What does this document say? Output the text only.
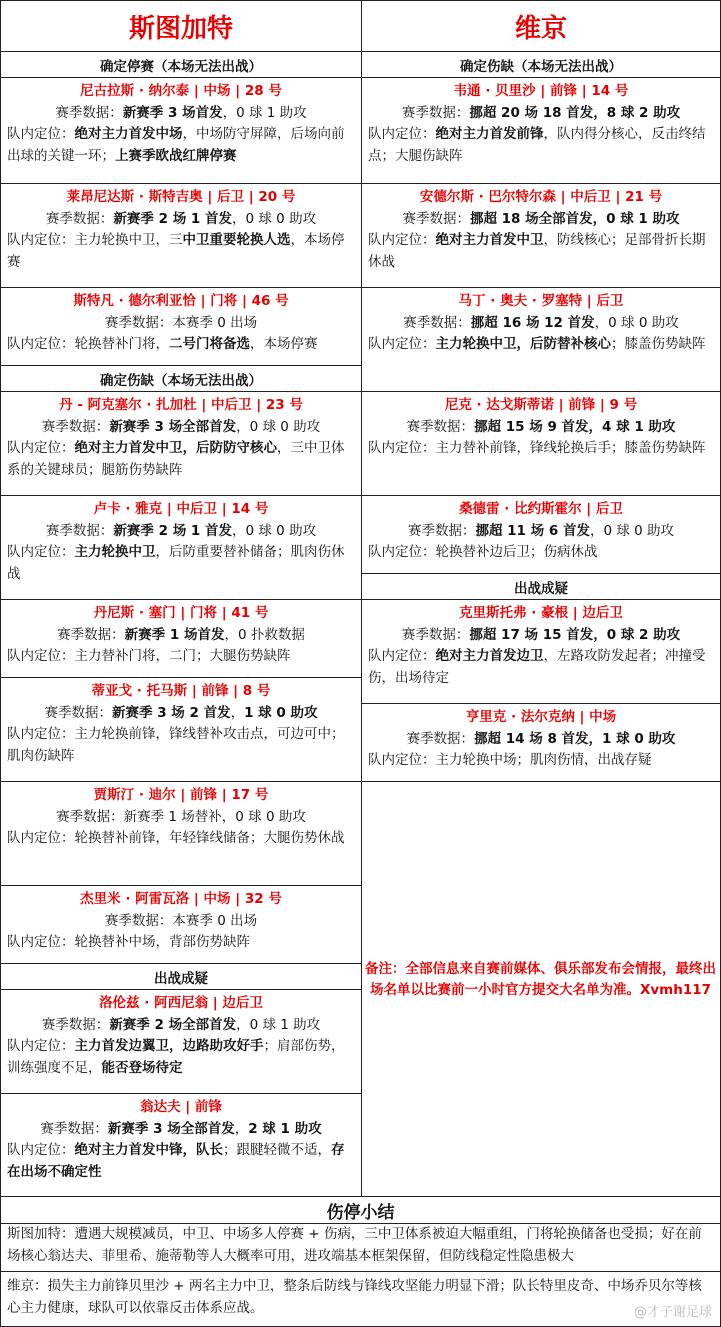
斯图加特	维京
确定停赛（本场无法出战）
尼古拉斯 · 纳尔泰 | 中场 | 28 号
赛季数据：新赛季 3 场首发，0 球 1 助攻
队内定位：绝对主力首发中场，中场防守屏障，后场向前出球的关键一环；上赛季欧战红牌停赛
莱昂尼达斯 · 斯特吉奥 | 后卫 | 20 号
赛季数据：新赛季 2 场 1 首发，0 球 0 助攻
队内定位：主力轮换中卫，三中卫重要轮换人选，本场停赛
斯特凡 · 德尔利亚恰 | 门将 | 46 号
赛季数据：本赛季 0 出场
队内定位：轮换替补门将，二号门将备选，本场停赛
确定伤缺（本场无法出战）
丹 - 阿克塞尔 · 扎加杜 | 中后卫 | 23 号
赛季数据：新赛季 3 场全部首发，0 球 0 助攻
队内定位：绝对主力首发中卫，后防防守核心，三中卫体系的关键球员；腿筋伤势缺阵
卢卡 · 雅克 | 中后卫 | 14 号
赛季数据：新赛季 2 场 1 首发，0 球 0 助攻
队内定位：主力轮换中卫，后防重要替补储备；肌肉伤休战
丹尼斯 · 塞门 | 门将 | 41 号
赛季数据：新赛季 1 场首发，0 扑救数据
队内定位：主力替补门将，二门；大腿伤势缺阵
蒂亚戈 · 托马斯 | 前锋 | 8 号
赛季数据：新赛季 3 场 2 首发，1 球 0 助攻
队内定位：主力轮换前锋，锋线替补攻击点，可边可中；肌肉伤缺阵
贾斯汀 · 迪尔 | 前锋 | 17 号
赛季数据：新赛季 1 场替补，0 球 0 助攻
队内定位：轮换替补前锋，年轻锋线储备；大腿伤势休战
杰里米 · 阿雷瓦洛 | 中场 | 32 号
赛季数据：本赛季 0 出场
队内定位：轮换替补中场，背部伤势缺阵
出战成疑
洛伦兹 · 阿西尼翁 | 边后卫
赛季数据：新赛季 2 场全部首发，0 球 1 助攻
队内定位：主力首发边翼卫，边路助攻好手；肩部伤势，训练强度不足，能否登场待定
翁达夫 | 前锋
赛季数据：新赛季 3 场全部首发，2 球 1 助攻
队内定位：绝对主力首发中锋，队长；跟腱轻微不适，存在出场不确定性
确定伤缺（本场无法出战）
韦通 · 贝里沙 | 前锋 | 14 号
赛季数据：挪超 20 场 18 首发，8 球 2 助攻
队内定位：绝对主力首发前锋，队内得分核心，反击终结点；大腿伤缺阵
安德尔斯 · 巴尔特尔森 | 中后卫 | 21 号
赛季数据：挪超 18 场全部首发，0 球 1 助攻
队内定位：绝对主力首发中卫，防线核心；足部骨折长期休战
马丁 · 奥夫 · 罗塞特 | 后卫
赛季数据：挪超 16 场 12 首发，0 球 0 助攻
队内定位：主力轮换中卫，后防替补核心；膝盖伤势缺阵
尼克 · 达戈斯蒂诺 | 前锋 | 9 号
赛季数据：挪超 15 场 9 首发，4 球 1 助攻
队内定位：主力替补前锋，锋线轮换后手；膝盖伤势缺阵
桑德雷 · 比约斯霍尔 | 后卫
赛季数据：挪超 11 场 6 首发，0 球 0 助攻
队内定位：轮换替补边后卫；伤病休战
出战成疑
克里斯托弗 · 豪根 | 边后卫
赛季数据：挪超 17 场 15 首发，0 球 2 助攻
队内定位：绝对主力首发边卫，左路攻防发起者；冲撞受伤，出场待定
亨里克 · 法尔克纳 | 中场
赛季数据：挪超 14 场 8 首发，1 球 0 助攻
队内定位：主力轮换中场；肌肉伤情，出战存疑
备注：全部信息来自赛前媒体、俱乐部发布会情报，最终出场名单以比赛前一小时官方提交大名单为准。Xvmh117
伤停小结
斯图加特：遭遇大规模减员，中卫、中场多人停赛 + 伤病，三中卫体系被迫大幅重组，门将轮换储备也受损；好在前场核心翁达夫、菲里希、施蒂勒等人大概率可用，进攻端基本框架保留，但防线稳定性隐患极大
维京：损失主力前锋贝里沙 + 两名主力中卫，整条后防线与锋线攻坚能力明显下滑；队长特里皮奇、中场乔贝尔等核心主力健康，球队可以依靠反击体系应战。	@才子谢足球
